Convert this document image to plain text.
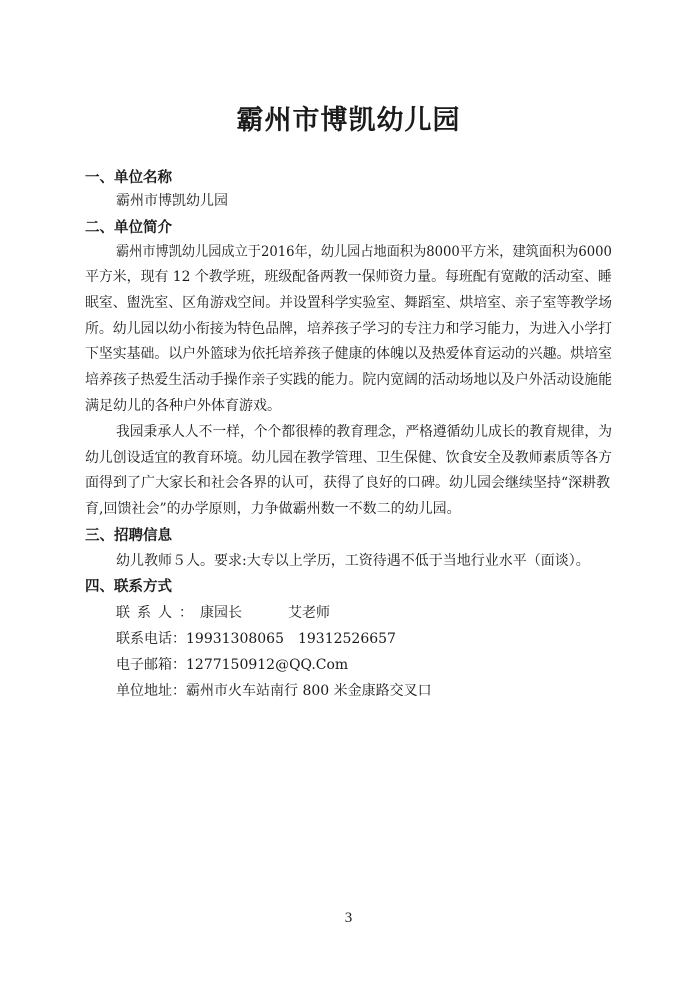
霸州市博凯幼儿园
一、单位名称
霸州市博凯幼儿园
二、单位简介
霸州市博凯幼儿园成立于2016年，幼儿园占地面积为8000平方米，建筑面积为6000
平方米，现有 12 个教学班，班级配备两教一保师资力量。每班配有宽敞的活动室、睡
眠室、盥洗室、区角游戏空间。并设置科学实验室、舞蹈室、烘培室、亲子室等教学场
所。幼儿园以幼小衔接为特色品牌，培养孩子学习的专注力和学习能力，为进入小学打
下坚实基础。以户外篮球为依托培养孩子健康的体魄以及热爱体育运动的兴趣。烘培室
培养孩子热爱生活动手操作亲子实践的能力。院内宽阔的活动场地以及户外活动设施能
满足幼儿的各种户外体育游戏。
我园秉承人人不一样，个个都很棒的教育理念，严格遵循幼儿成长的教育规律，为
幼儿创设适宜的教育环境。幼儿园在教学管理、卫生保健、饮食安全及教师素质等各方
面得到了广大家长和社会各界的认可，获得了良好的口碑。幼儿园会继续坚持“深耕教
育,回馈社会”的办学原则，力争做霸州数一不数二的幼儿园。
三、招聘信息
幼儿教师５人。要求:大专以上学历，工资待遇不低于当地行业水平（面谈）。
四、联系方式
联系人：康园长	艾老师
联系电话：19931308065 19312526657
电子邮箱：1277150912@QQ.Com
单位地址：霸州市火车站南行 800 米金康路交叉口
3
